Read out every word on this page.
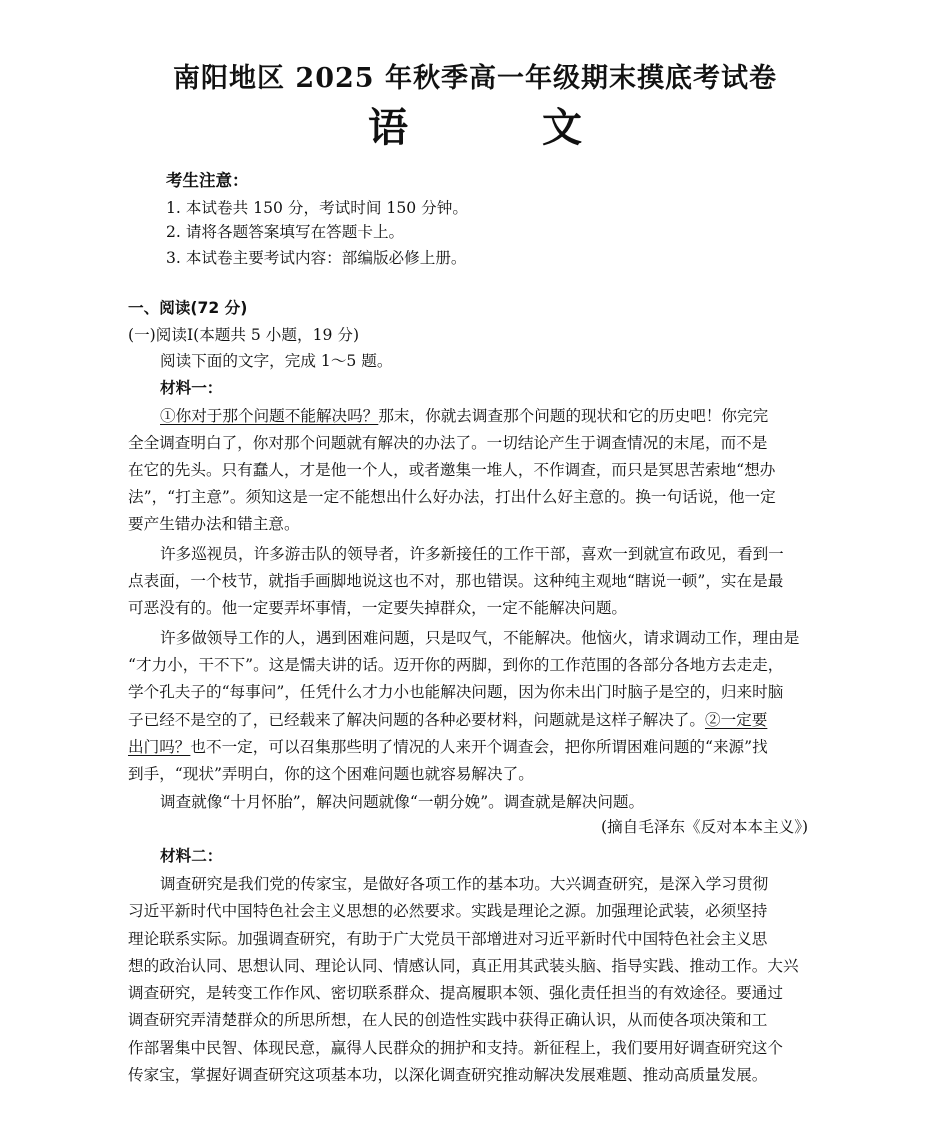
南阳地区 2025 年秋季高一年级期末摸底考试卷
语 文
考生注意：
1. 本试卷共 150 分，考试时间 150 分钟。
2. 请将各题答案填写在答题卡上。
3. 本试卷主要考试内容：部编版必修上册。
一、阅读(72 分)
(一)阅读Ⅰ(本题共 5 小题，19 分)
阅读下面的文字，完成 1～5 题。
材料一：
①你对于那个问题不能解决吗？那末，你就去调查那个问题的现状和它的历史吧！你完完
全全调查明白了，你对那个问题就有解决的办法了。一切结论产生于调查情况的末尾，而不是
在它的先头。只有蠢人，才是他一个人，或者邀集一堆人，不作调查，而只是冥思苦索地“想办
法”，“打主意”。须知这是一定不能想出什么好办法，打出什么好主意的。换一句话说，他一定
要产生错办法和错主意。
许多巡视员，许多游击队的领导者，许多新接任的工作干部，喜欢一到就宣布政见，看到一
点表面，一个枝节，就指手画脚地说这也不对，那也错误。这种纯主观地“瞎说一顿”，实在是最
可恶没有的。他一定要弄坏事情，一定要失掉群众，一定不能解决问题。
许多做领导工作的人，遇到困难问题，只是叹气，不能解决。他恼火，请求调动工作，理由是
“才力小，干不下”。这是懦夫讲的话。迈开你的两脚，到你的工作范围的各部分各地方去走走，
学个孔夫子的“每事问”，任凭什么才力小也能解决问题，因为你未出门时脑子是空的，归来时脑
子已经不是空的了，已经载来了解决问题的各种必要材料，问题就是这样子解决了。②一定要
出门吗？也不一定，可以召集那些明了情况的人来开个调查会，把你所谓困难问题的“来源”找
到手，“现状”弄明白，你的这个困难问题也就容易解决了。
调查就像“十月怀胎”，解决问题就像“一朝分娩”。调查就是解决问题。
(摘自毛泽东《反对本本主义》)
材料二：
调查研究是我们党的传家宝，是做好各项工作的基本功。大兴调查研究，是深入学习贯彻
习近平新时代中国特色社会主义思想的必然要求。实践是理论之源。加强理论武装，必须坚持
理论联系实际。加强调查研究，有助于广大党员干部增进对习近平新时代中国特色社会主义思
想的政治认同、思想认同、理论认同、情感认同，真正用其武装头脑、指导实践、推动工作。大兴
调查研究，是转变工作作风、密切联系群众、提高履职本领、强化责任担当的有效途径。要通过
调查研究弄清楚群众的所思所想，在人民的创造性实践中获得正确认识，从而使各项决策和工
作部署集中民智、体现民意，赢得人民群众的拥护和支持。新征程上，我们要用好调查研究这个
传家宝，掌握好调查研究这项基本功，以深化调查研究推动解决发展难题、推动高质量发展。
